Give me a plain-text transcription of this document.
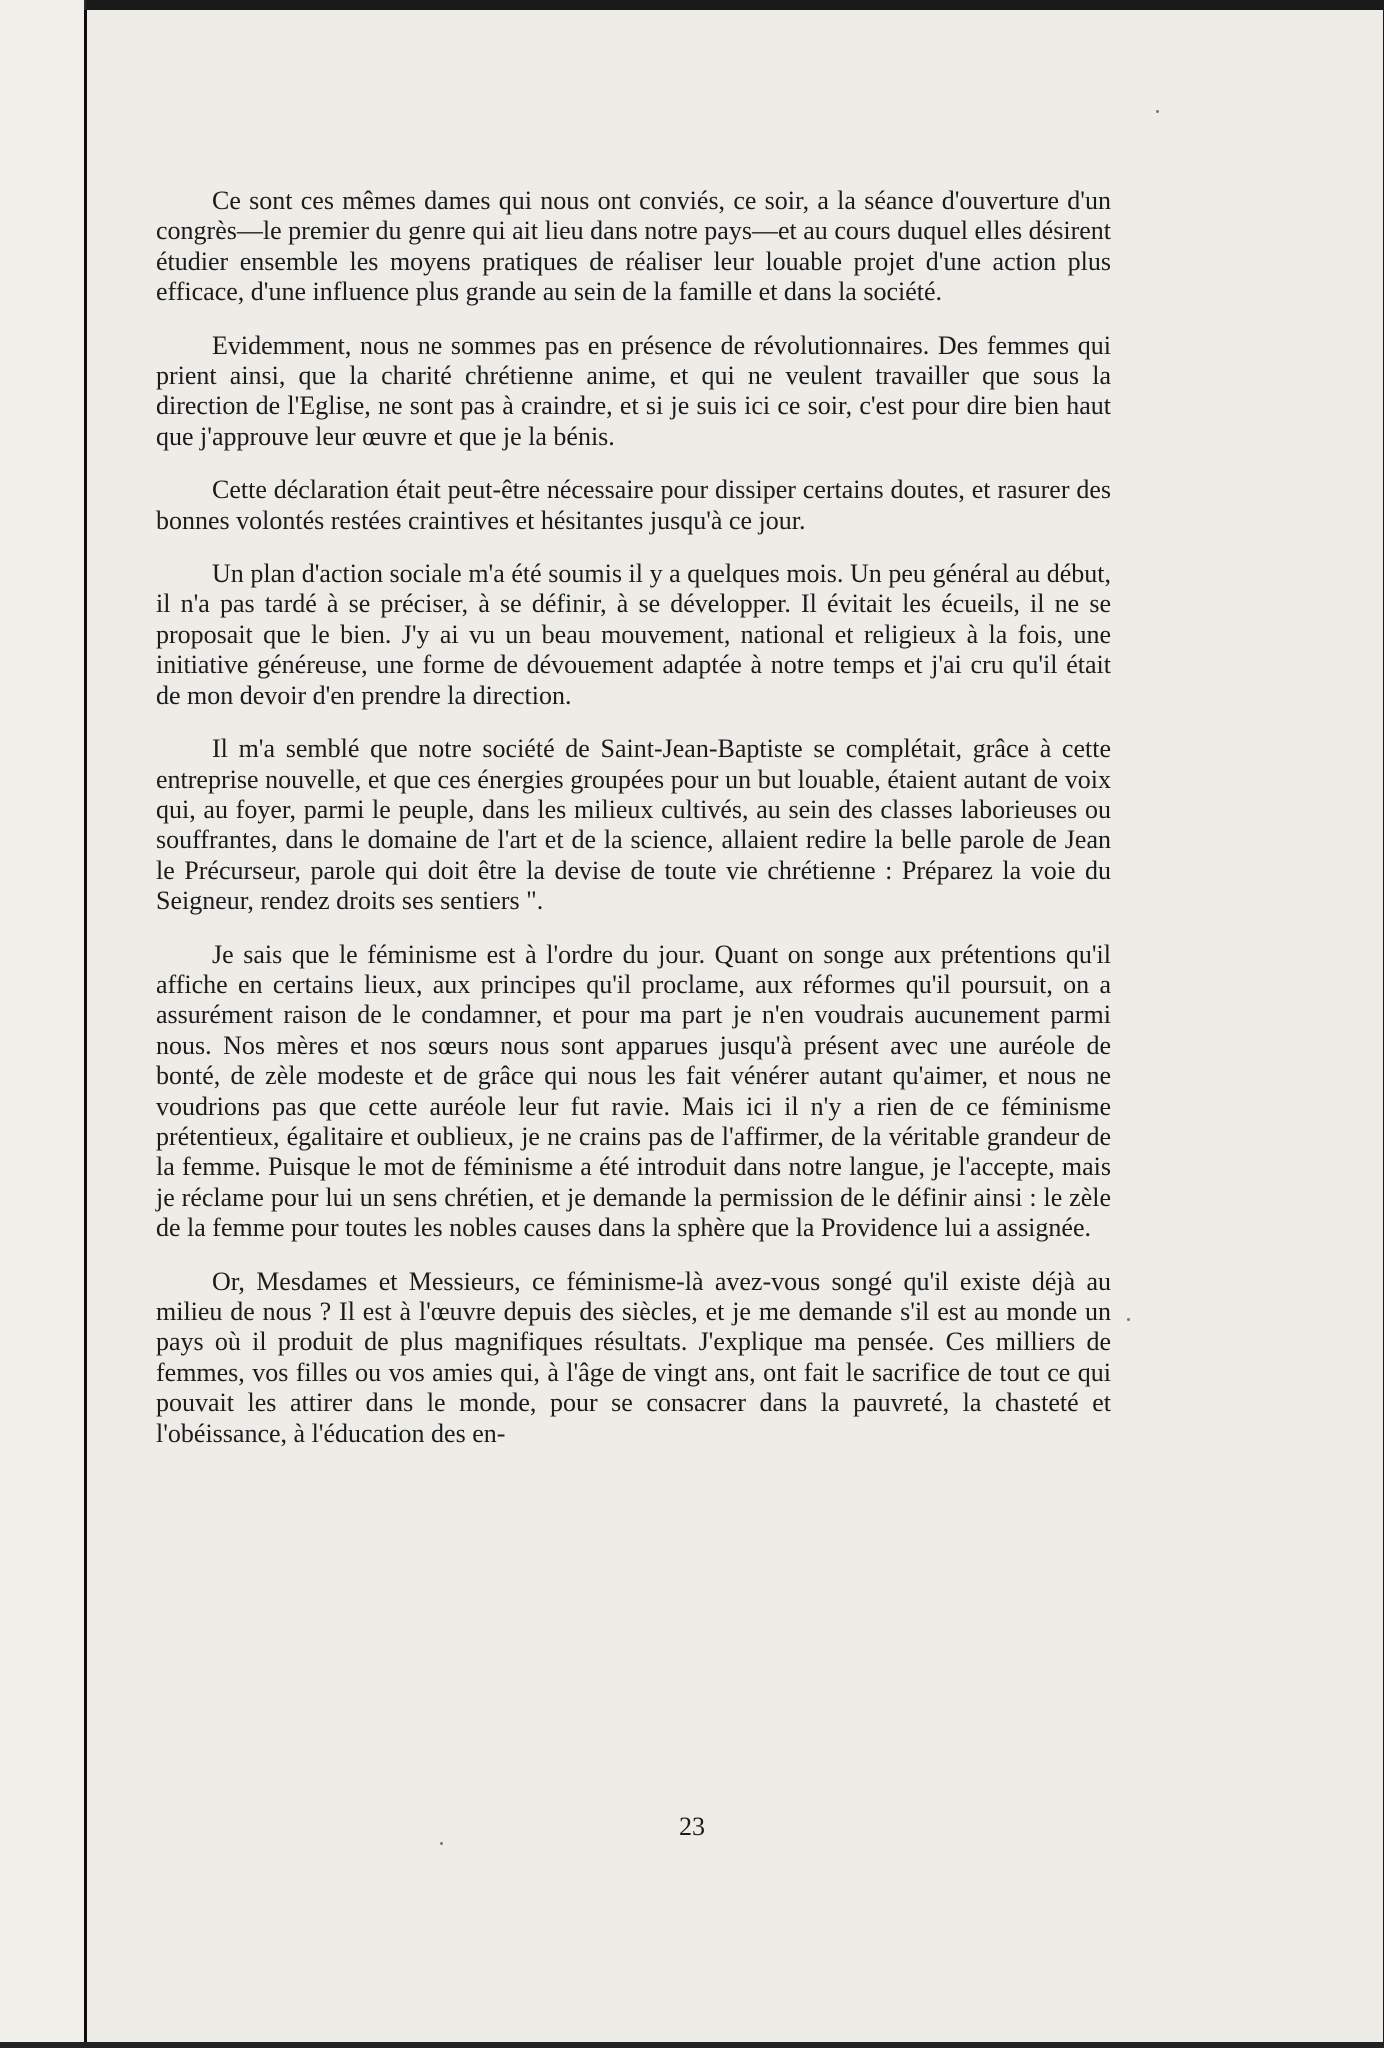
Ce sont ces mêmes dames qui nous ont conviés, ce soir, a la séance d'ouverture d'un congrès—le premier du genre qui ait lieu dans notre pays—et au cours duquel elles désirent étudier ensemble les moyens pratiques de réaliser leur louable projet d'une action plus efficace, d'une influence plus grande au sein de la famille et dans la société.

Evidemment, nous ne sommes pas en présence de révolutionnaires. Des femmes qui prient ainsi, que la charité chrétienne anime, et qui ne veulent travailler que sous la direction de l'Eglise, ne sont pas à craindre, et si je suis ici ce soir, c'est pour dire bien haut que j'approuve leur œuvre et que je la bénis.

Cette déclaration était peut-être nécessaire pour dissiper certains doutes, et rasurer des bonnes volontés restées craintives et hésitantes jusqu'à ce jour.

Un plan d'action sociale m'a été soumis il y a quelques mois. Un peu général au début, il n'a pas tardé à se préciser, à se définir, à se développer. Il évitait les écueils, il ne se proposait que le bien. J'y ai vu un beau mouvement, national et religieux à la fois, une initiative généreuse, une forme de dévouement adaptée à notre temps et j'ai cru qu'il était de mon devoir d'en prendre la direction.

Il m'a semblé que notre société de Saint-Jean-Baptiste se complétait, grâce à cette entreprise nouvelle, et que ces énergies groupées pour un but louable, étaient autant de voix qui, au foyer, parmi le peuple, dans les milieux cultivés, au sein des classes laborieuses ou souffrantes, dans le domaine de l'art et de la science, allaient redire la belle parole de Jean le Précurseur, parole qui doit être la devise de toute vie chrétienne : Préparez la voie du Seigneur, rendez droits ses sentiers ".

Je sais que le féminisme est à l'ordre du jour. Quant on songe aux prétentions qu'il affiche en certains lieux, aux principes qu'il proclame, aux réformes qu'il poursuit, on a assurément raison de le condamner, et pour ma part je n'en voudrais aucunement parmi nous. Nos mères et nos sœurs nous sont apparues jusqu'à présent avec une auréole de bonté, de zèle modeste et de grâce qui nous les fait vénérer autant qu'aimer, et nous ne voudrions pas que cette auréole leur fut ravie. Mais ici il n'y a rien de ce féminisme prétentieux, égalitaire et oublieux, je ne crains pas de l'affirmer, de la véritable grandeur de la femme. Puisque le mot de féminisme a été introduit dans notre langue, je l'accepte, mais je réclame pour lui un sens chrétien, et je demande la permission de le définir ainsi : le zèle de la femme pour toutes les nobles causes dans la sphère que la Providence lui a assignée.

Or, Mesdames et Messieurs, ce féminisme-là avez-vous songé qu'il existe déjà au milieu de nous ? Il est à l'œuvre depuis des siècles, et je me demande s'il est au monde un pays où il produit de plus magnifiques résultats. J'explique ma pensée. Ces milliers de femmes, vos filles ou vos amies qui, à l'âge de vingt ans, ont fait le sacrifice de tout ce qui pouvait les attirer dans le monde, pour se consacrer dans la pauvreté, la chasteté et l'obéissance, à l'éducation des en-

23
